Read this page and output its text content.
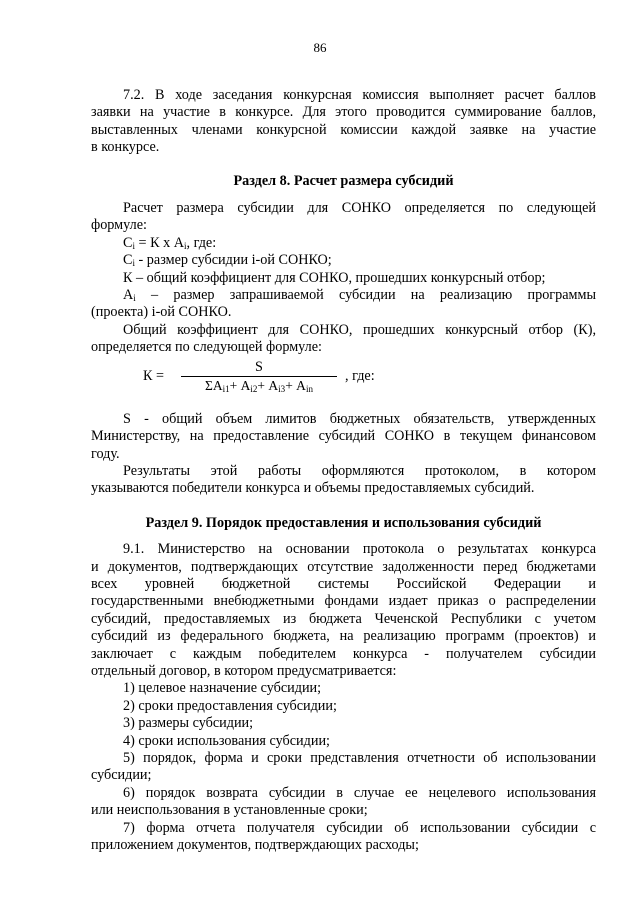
86

7.2. В ходе заседания конкурсная комиссия выполняет расчет баллов

заявки на участие в конкурсе. Для этого проводится суммирование баллов,

выставленных членами конкурсной комиссии каждой заявке на участие

в конкурсе.

Раздел 8. Расчет размера субсидий

Расчет размера субсидии для СОНКО определяется по следующей

формуле:

$C_i = К$ х $А_i$, где:

$C_i$ - размер субсидии i-ой СОНКО;

К – общий коэффициент для СОНКО, прошедших конкурсный отбор;

$А_i$ – размер запрашиваемой субсидии на реализацию программы

(проекта) i-ой СОНКО.

Общий коэффициент для СОНКО, прошедших конкурсный отбор (К),

определяется по следующей формуле:

К =
S
$\Sigma А_{i1}+ А_{i2}+ А_{i3}+ А_{in}$
, где:

S - общий объем лимитов бюджетных обязательств, утвержденных

Министерству, на предоставление субсидий СОНКО в текущем финансовом

году.

Результаты этой работы оформляются протоколом, в котором

указываются победители конкурса и объемы предоставляемых субсидий.

Раздел 9. Порядок предоставления и использования субсидий

9.1. Министерство на основании протокола о результатах конкурса

и документов, подтверждающих отсутствие задолженности перед бюджетами

всех уровней бюджетной системы Российской Федерации и

государственными внебюджетными фондами издает приказ о распределении

субсидий, предоставляемых из бюджета Чеченской Республики с учетом

субсидий из федерального бюджета, на реализацию программ (проектов) и

заключает с каждым победителем конкурса - получателем субсидии

отдельный договор, в котором предусматривается:

1) целевое назначение субсидии;

2) сроки предоставления субсидии;

3) размеры субсидии;

4) сроки использования субсидии;

5) порядок, форма и сроки представления отчетности об использовании

субсидии;

6) порядок возврата субсидии в случае ее нецелевого использования

или неиспользования в установленные сроки;

7) форма отчета получателя субсидии об использовании субсидии с

приложением документов, подтверждающих расходы;
